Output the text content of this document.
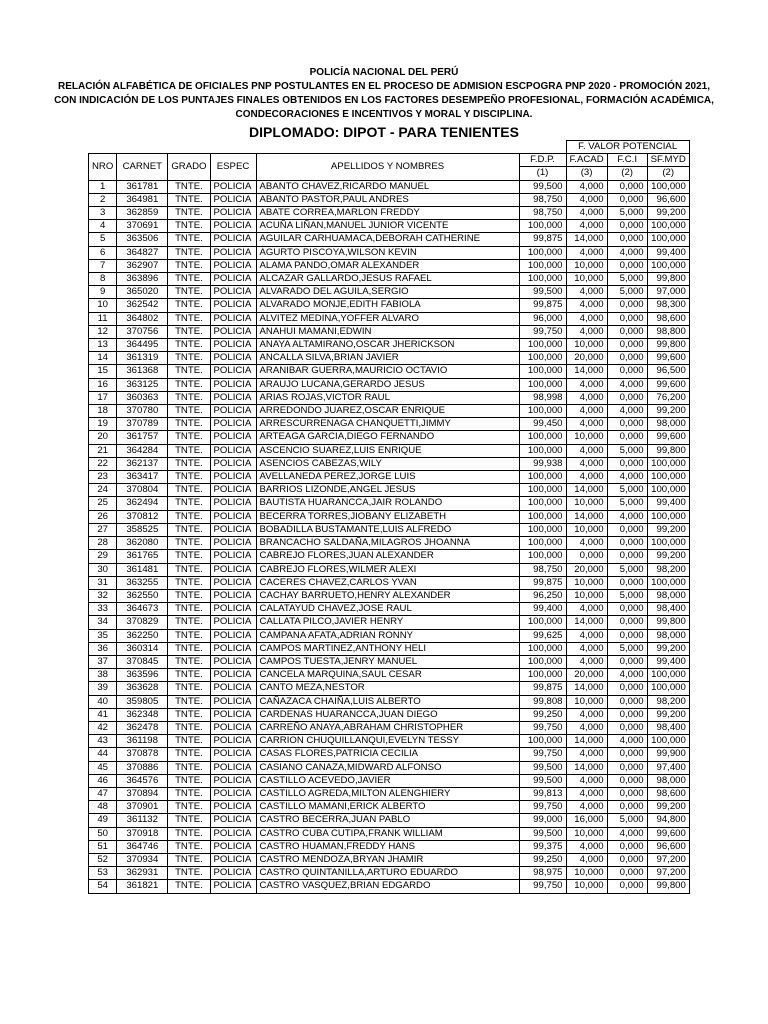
POLICÍA NACIONAL DEL PERÚ
RELACIÓN ALFABÉTICA DE OFICIALES PNP POSTULANTES EN EL PROCESO DE ADMISION ESCPOGRA PNP 2020 - PROMOCIÓN 2021,
CON INDICACIÓN DE LOS PUNTAJES FINALES OBTENIDOS EN LOS FACTORES DESEMPEÑO PROFESIONAL, FORMACIÓN ACADÉMICA,
CONDECORACIONES E INCENTIVOS Y MORAL Y DISCIPLINA.
DIPLOMADO: DIPOT - PARA TENIENTES
						F. VALOR POTENCIAL		
NRO	CARNET	GRADO	ESPEC	APELLIDOS Y NOMBRES	F.D.P.	F.ACAD	F.C.I	SF.MYD
					(1)	(3)	(2)	(2)
1	361781	TNTE.	POLICIA	ABANTO CHAVEZ,RICARDO MANUEL	99,500	4,000	0,000	100,000
2	364981	TNTE.	POLICIA	ABANTO PASTOR,PAUL ANDRES	98,750	4,000	0,000	96,600
3	362859	TNTE.	POLICIA	ABATE CORREA,MARLON FREDDY	98,750	4,000	5,000	99,200
4	370691	TNTE.	POLICIA	ACUÑA LIÑAN,MANUEL JUNIOR VICENTE	100,000	4,000	0,000	100,000
5	363506	TNTE.	POLICIA	AGUILAR CARHUAMACA,DEBORAH CATHERINE	99,875	14,000	0,000	100,000
6	364827	TNTE.	POLICIA	AGURTO PISCOYA,WILSON KEVIN	100,000	4,000	4,000	99,400
7	362907	TNTE.	POLICIA	ALAMA PANDO,OMAR ALEXANDER	100,000	10,000	0,000	100,000
8	363896	TNTE.	POLICIA	ALCAZAR GALLARDO,JESUS RAFAEL	100,000	10,000	5,000	99,800
9	365020	TNTE.	POLICIA	ALVARADO DEL AGUILA,SERGIO	99,500	4,000	5,000	97,000
10	362542	TNTE.	POLICIA	ALVARADO MONJE,EDITH FABIOLA	99,875	4,000	0,000	98,300
11	364802	TNTE.	POLICIA	ALVITEZ MEDINA,YOFFER ALVARO	96,000	4,000	0,000	98,600
12	370756	TNTE.	POLICIA	ANAHUI MAMANI,EDWIN	99,750	4,000	0,000	98,800
13	364495	TNTE.	POLICIA	ANAYA ALTAMIRANO,OSCAR JHERICKSON	100,000	10,000	0,000	99,800
14	361319	TNTE.	POLICIA	ANCALLA SILVA,BRIAN JAVIER	100,000	20,000	0,000	99,600
15	361368	TNTE.	POLICIA	ARANIBAR GUERRA,MAURICIO OCTAVIO	100,000	14,000	0,000	96,500
16	363125	TNTE.	POLICIA	ARAUJO LUCANA,GERARDO JESUS	100,000	4,000	4,000	99,600
17	360363	TNTE.	POLICIA	ARIAS ROJAS,VICTOR RAUL	98,998	4,000	0,000	76,200
18	370780	TNTE.	POLICIA	ARREDONDO JUAREZ,OSCAR ENRIQUE	100,000	4,000	4,000	99,200
19	370789	TNTE.	POLICIA	ARRESCURRENAGA CHANQUETTI,JIMMY	99,450	4,000	0,000	98,000
20	361757	TNTE.	POLICIA	ARTEAGA GARCIA,DIEGO FERNANDO	100,000	10,000	0,000	99,600
21	364284	TNTE.	POLICIA	ASCENCIO SUAREZ,LUIS ENRIQUE	100,000	4,000	5,000	99,800
22	362137	TNTE.	POLICIA	ASENCIOS CABEZAS,WILY	99,938	4,000	0,000	100,000
23	363417	TNTE.	POLICIA	AVELLANEDA PEREZ,JORGE LUIS	100,000	4,000	4,000	100,000
24	370804	TNTE.	POLICIA	BARRIOS LIZONDE,ANGEL JESUS	100,000	14,000	5,000	100,000
25	362494	TNTE.	POLICIA	BAUTISTA HUARANCCA,JAIR ROLANDO	100,000	10,000	5,000	99,400
26	370812	TNTE.	POLICIA	BECERRA TORRES,JIOBANY ELIZABETH	100,000	14,000	4,000	100,000
27	358525	TNTE.	POLICIA	BOBADILLA BUSTAMANTE,LUIS ALFREDO	100,000	10,000	0,000	99,200
28	362080	TNTE.	POLICIA	BRANCACHO SALDAÑA,MILAGROS JHOANNA	100,000	4,000	0,000	100,000
29	361765	TNTE.	POLICIA	CABREJO FLORES,JUAN ALEXANDER	100,000	0,000	0,000	99,200
30	361481	TNTE.	POLICIA	CABREJO FLORES,WILMER ALEXI	98,750	20,000	5,000	98,200
31	363255	TNTE.	POLICIA	CACERES CHAVEZ,CARLOS YVAN	99,875	10,000	0,000	100,000
32	362550	TNTE.	POLICIA	CACHAY BARRUETO,HENRY ALEXANDER	96,250	10,000	5,000	98,000
33	364673	TNTE.	POLICIA	CALATAYUD CHAVEZ,JOSE RAUL	99,400	4,000	0,000	98,400
34	370829	TNTE.	POLICIA	CALLATA PILCO,JAVIER HENRY	100,000	14,000	0,000	99,800
35	362250	TNTE.	POLICIA	CAMPANA AFATA,ADRIAN RONNY	99,625	4,000	0,000	98,000
36	360314	TNTE.	POLICIA	CAMPOS MARTINEZ,ANTHONY HELI	100,000	4,000	5,000	99,200
37	370845	TNTE.	POLICIA	CAMPOS TUESTA,JENRY MANUEL	100,000	4,000	0,000	99,400
38	363596	TNTE.	POLICIA	CANCELA MARQUINA,SAUL CESAR	100,000	20,000	4,000	100,000
39	363628	TNTE.	POLICIA	CANTO MEZA,NESTOR	99,875	14,000	0,000	100,000
40	359805	TNTE.	POLICIA	CAÑAZACA CHAIÑA,LUIS ALBERTO	99,808	10,000	0,000	98,200
41	362348	TNTE.	POLICIA	CARDENAS HUARANCCA,JUAN DIEGO	99,250	4,000	0,000	99,200
42	362478	TNTE.	POLICIA	CARREÑO ANAYA,ABRAHAM CHRISTOPHER	99,750	4,000	0,000	98,400
43	361198	TNTE.	POLICIA	CARRION CHUQUILLANQUI,EVELYN TESSY	100,000	14,000	4,000	100,000
44	370878	TNTE.	POLICIA	CASAS FLORES,PATRICIA CECILIA	99,750	4,000	0,000	99,900
45	370886	TNTE.	POLICIA	CASIANO CANAZA,MIDWARD ALFONSO	99,500	14,000	0,000	97,400
46	364576	TNTE.	POLICIA	CASTILLO ACEVEDO,JAVIER	99,500	4,000	0,000	98,000
47	370894	TNTE.	POLICIA	CASTILLO AGREDA,MILTON ALENGHIERY	99,813	4,000	0,000	98,600
48	370901	TNTE.	POLICIA	CASTILLO MAMANI,ERICK ALBERTO	99,750	4,000	0,000	99,200
49	361132	TNTE.	POLICIA	CASTRO BECERRA,JUAN PABLO	99,000	16,000	5,000	94,800
50	370918	TNTE.	POLICIA	CASTRO CUBA CUTIPA,FRANK WILLIAM	99,500	10,000	4,000	99,600
51	364746	TNTE.	POLICIA	CASTRO HUAMAN,FREDDY HANS	99,375	4,000	0,000	96,600
52	370934	TNTE.	POLICIA	CASTRO MENDOZA,BRYAN JHAMIR	99,250	4,000	0,000	97,200
53	362931	TNTE.	POLICIA	CASTRO QUINTANILLA,ARTURO EDUARDO	98,975	10,000	0,000	97,200
54	361821	TNTE.	POLICIA	CASTRO VASQUEZ,BRIAN EDGARDO	99,750	10,000	0,000	99,800
